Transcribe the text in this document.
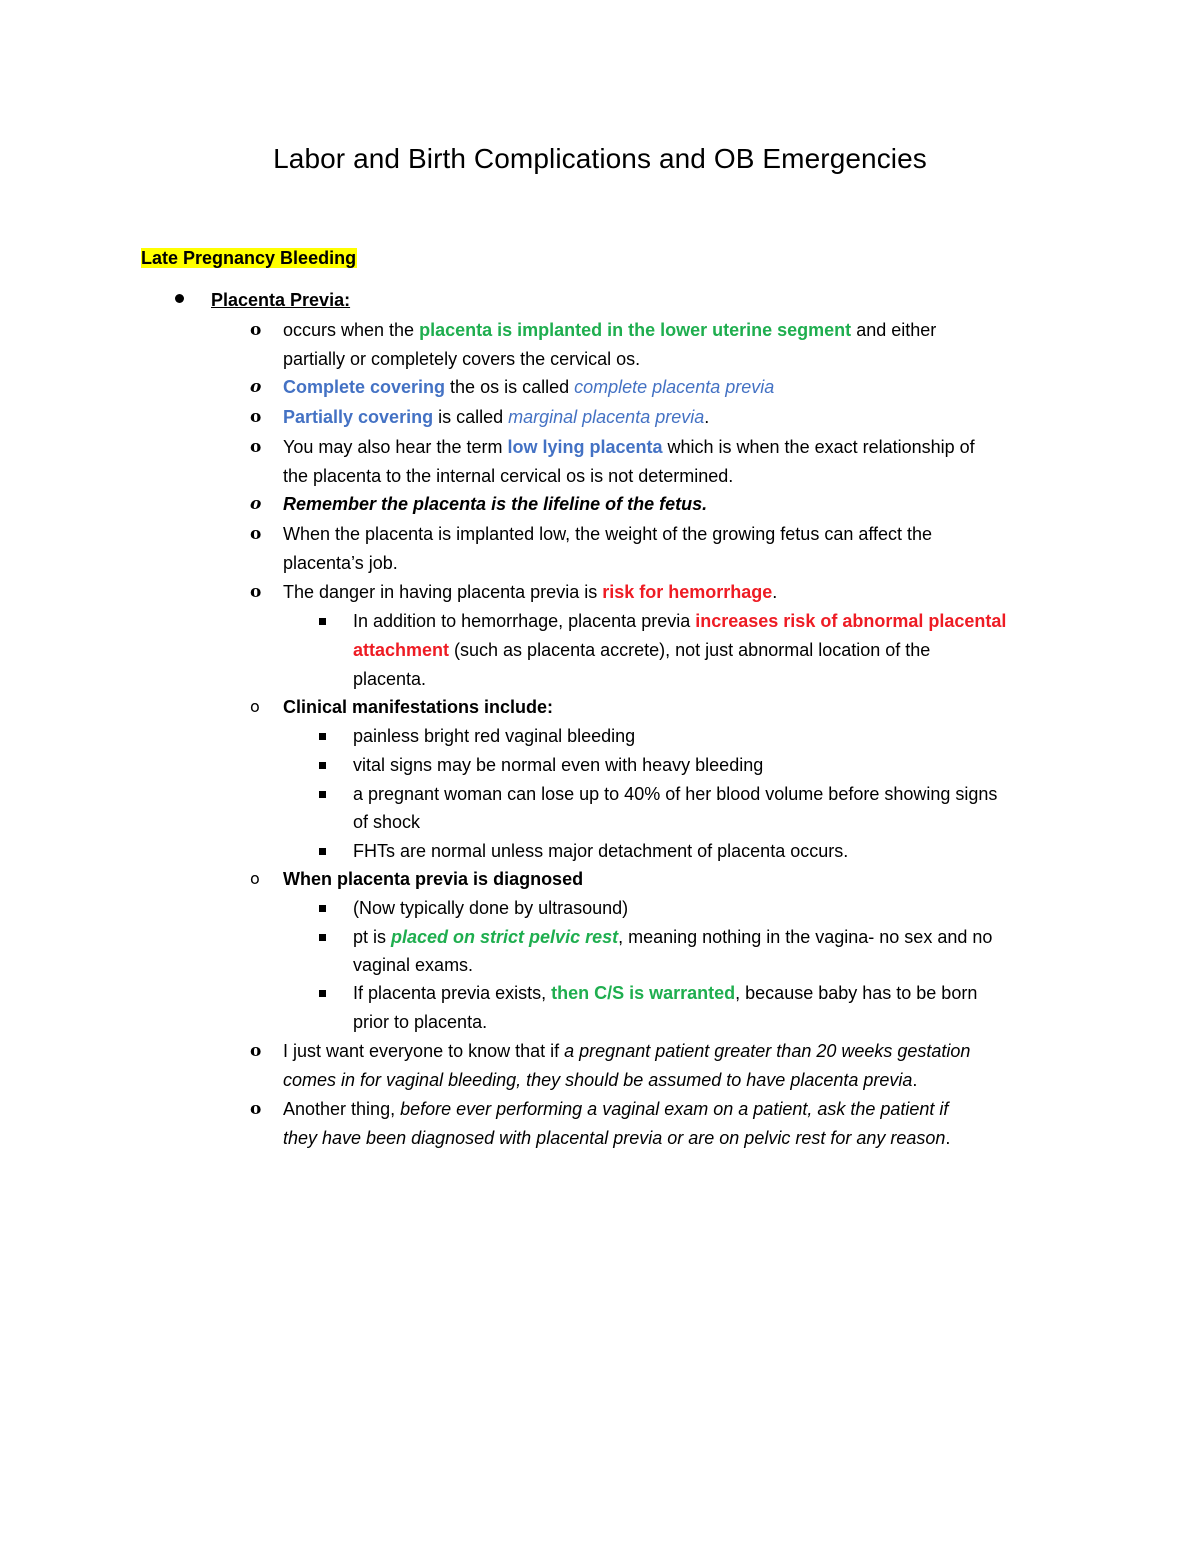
Labor and Birth Complications and OB Emergencies
Late Pregnancy Bleeding
Placenta Previa:
o occurs when the placenta is implanted in the lower uterine segment and either
partially or completely covers the cervical os.
o Complete covering the os is called complete placenta previa
o Partially covering is called marginal placenta previa.
o You may also hear the term low lying placenta which is when the exact relationship of
the placenta to the internal cervical os is not determined.
o Remember the placenta is the lifeline of the fetus.
o When the placenta is implanted low, the weight of the growing fetus can affect the
placenta’s job.
o The danger in having placenta previa is risk for hemorrhage.
In addition to hemorrhage, placenta previa increases risk of abnormal placental
attachment (such as placenta accrete), not just abnormal location of the
placenta.
o Clinical manifestations include:
painless bright red vaginal bleeding
vital signs may be normal even with heavy bleeding
a pregnant woman can lose up to 40% of her blood volume before showing signs
of shock
FHTs are normal unless major detachment of placenta occurs.
o When placenta previa is diagnosed
(Now typically done by ultrasound)
pt is placed on strict pelvic rest, meaning nothing in the vagina- no sex and no
vaginal exams.
If placenta previa exists, then C/S is warranted, because baby has to be born
prior to placenta.
o I just want everyone to know that if a pregnant patient greater than 20 weeks gestation
comes in for vaginal bleeding, they should be assumed to have placenta previa.
o Another thing, before ever performing a vaginal exam on a patient, ask the patient if
they have been diagnosed with placental previa or are on pelvic rest for any reason.
